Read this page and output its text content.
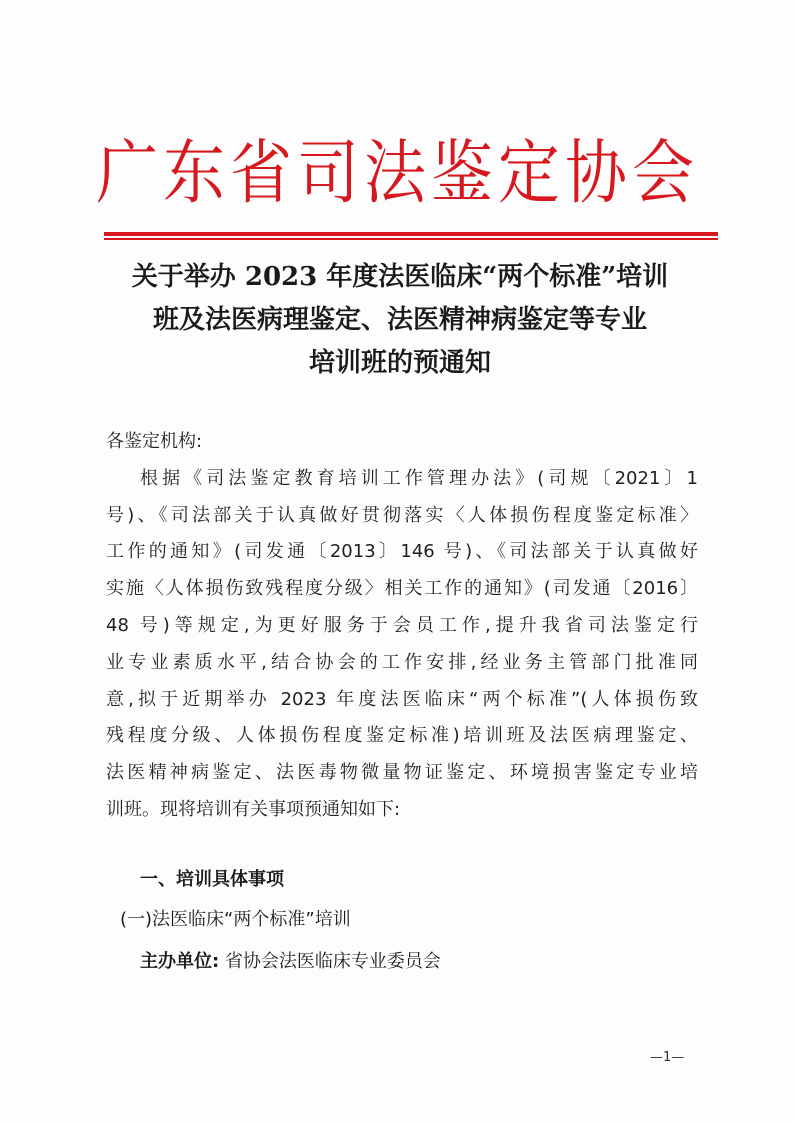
广东省司法鉴定协会
关于举办 2023 年度法医临床“两个标准”培训
班及法医病理鉴定、法医精神病鉴定等专业
培训班的预通知
各鉴定机构:
根据《司法鉴定教育培训工作管理办法》(司规〔2021〕1
号)、《司法部关于认真做好贯彻落实〈人体损伤程度鉴定标准〉
工作的通知》(司发通〔2013〕146 号)、《司法部关于认真做好
实施〈人体损伤致残程度分级〉相关工作的通知》(司发通〔2016〕
48 号)等规定,为更好服务于会员工作,提升我省司法鉴定行
业专业素质水平,结合协会的工作安排,经业务主管部门批准同
意,拟于近期举办 2023 年度法医临床“两个标准”(人体损伤致
残程度分级、人体损伤程度鉴定标准)培训班及法医病理鉴定、
法医精神病鉴定、法医毒物微量物证鉴定、环境损害鉴定专业培
训班。现将培训有关事项预通知如下:
一、培训具体事项
(一)法医临床“两个标准”培训
主办单位: 省协会法医临床专业委员会
—1—
